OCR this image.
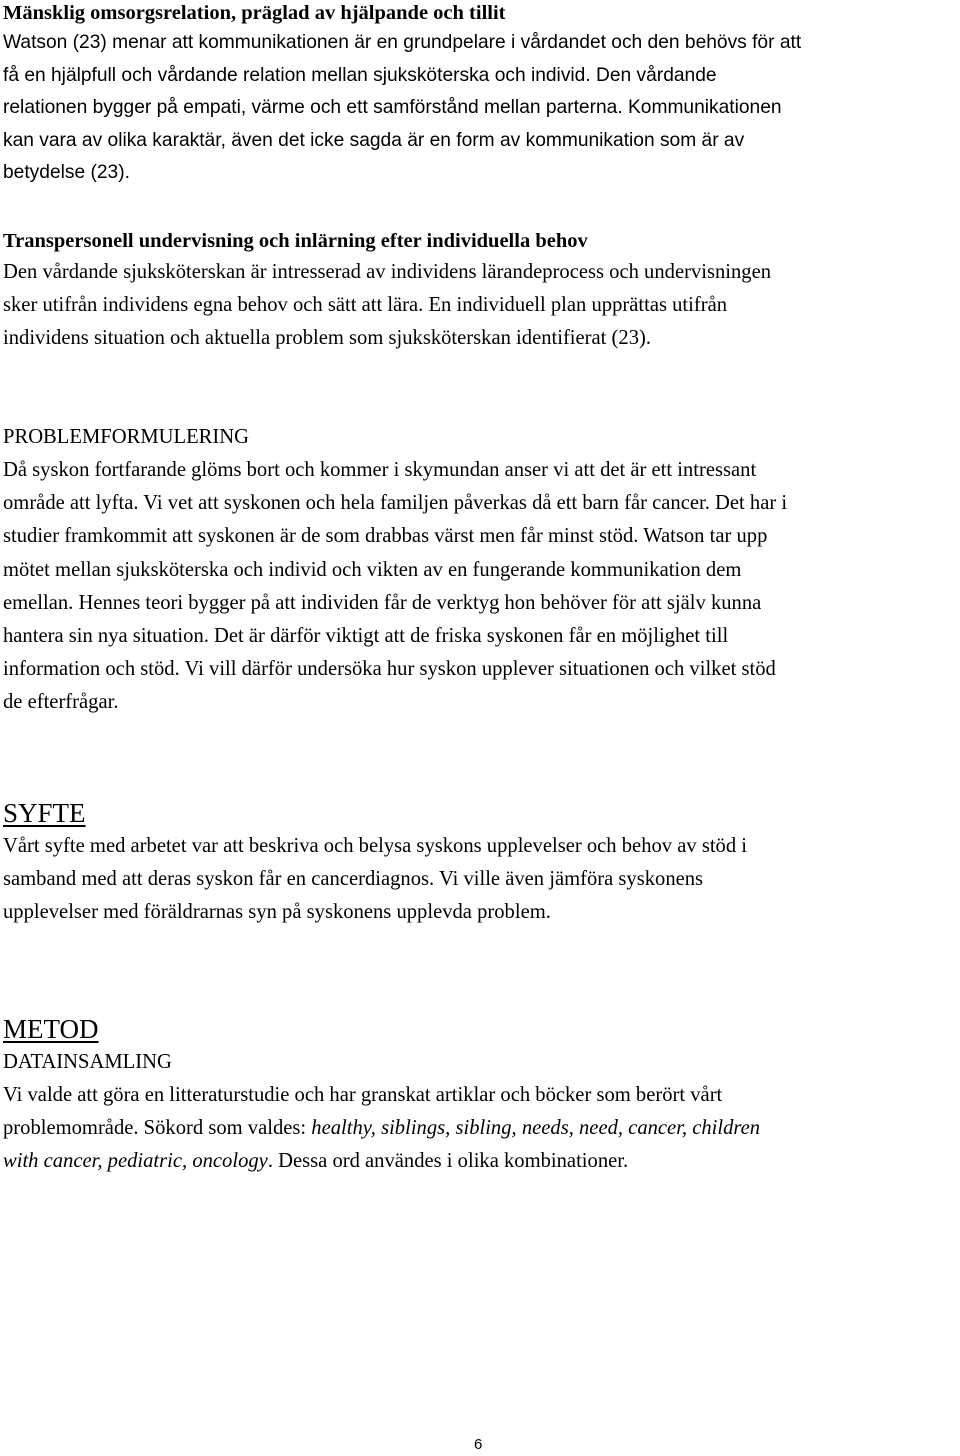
Mänsklig omsorgsrelation, präglad av hjälpande och tillit

Watson (23) menar att kommunikationen är en grundpelare i vårdandet och den behövs för att
få en hjälpfull och vårdande relation mellan sjuksköterska och individ. Den vårdande
relationen bygger på empati, värme och ett samförstånd mellan parterna. Kommunikationen
kan vara av olika karaktär, även det icke sagda är en form av kommunikation som är av
betydelse (23).

Transpersonell undervisning och inlärning efter individuella behov

Den vårdande sjuksköterskan är intresserad av individens lärandeprocess och undervisningen
sker utifrån individens egna behov och sätt att lära. En individuell plan upprättas utifrån
individens situation och aktuella problem som sjuksköterskan identifierat (23).

PROBLEMFORMULERING

Då syskon fortfarande glöms bort och kommer i skymundan anser vi att det är ett intressant
område att lyfta. Vi vet att syskonen och hela familjen påverkas då ett barn får cancer. Det har i
studier framkommit att syskonen är de som drabbas värst men får minst stöd. Watson tar upp
mötet mellan sjuksköterska och individ och vikten av en fungerande kommunikation dem
emellan. Hennes teori bygger på att individen får de verktyg hon behöver för att själv kunna
hantera sin nya situation. Det är därför viktigt att de friska syskonen får en möjlighet till
information och stöd. Vi vill därför undersöka hur syskon upplever situationen och vilket stöd
de efterfrågar.

SYFTE

Vårt syfte med arbetet var att beskriva och belysa syskons upplevelser och behov av stöd i
samband med att deras syskon får en cancerdiagnos. Vi ville även jämföra syskonens
upplevelser med föräldrarnas syn på syskonens upplevda problem.

METOD
DATAINSAMLING

Vi valde att göra en litteraturstudie och har granskat artiklar och böcker som berört vårt
problemområde. Sökord som valdes: healthy, siblings, sibling, needs, need, cancer, children
with cancer, pediatric, oncology. Dessa ord användes i olika kombinationer.

6
